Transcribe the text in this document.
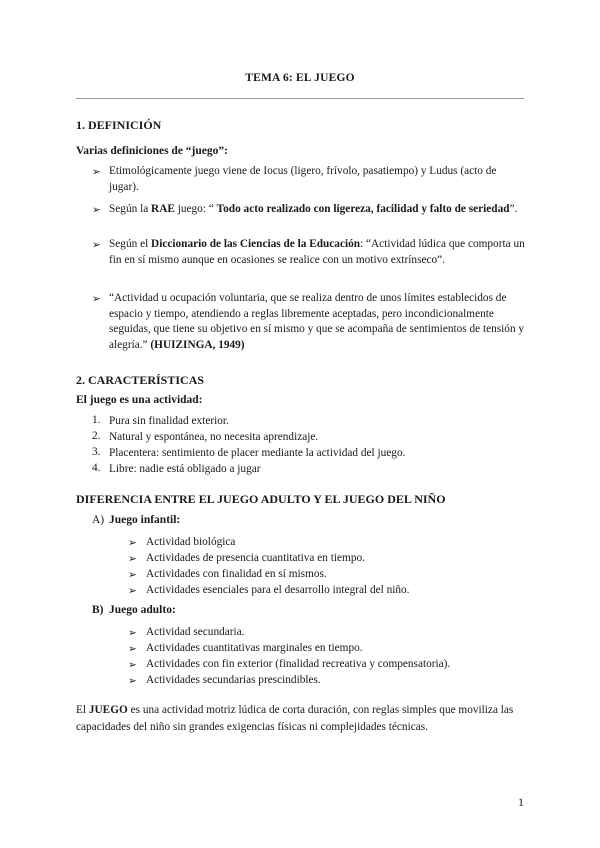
TEMA 6: EL JUEGO
1. DEFINICIÓN
Varias definiciones de “juego”:
➢ Etimológicamente juego viene de Iocus (ligero, frívolo, pasatiempo) y Ludus (acto de jugar).
➢ Según la RAE juego: “ Todo acto realizado con ligereza, facilidad y falto de seriedad”.
➢ Según el Diccionario de las Ciencias de la Educación: “Actividad lúdica que comporta un fin en sí mismo aunque en ocasiones se realice con un motivo extrínseco”.
➢ “Actividad u ocupación voluntaria, que se realiza dentro de unos límites establecidos de espacio y tiempo, atendiendo a reglas libremente aceptadas, pero incondicionalmente seguidas, que tiene su objetivo en sí mismo y que se acompaña de sentimientos de tensión y alegría.” (HUIZINGA, 1949)
2. CARACTERÍSTICAS
El juego es una actividad:
1. Pura sin finalidad exterior.
2. Natural y espontánea, no necesita aprendizaje.
3. Placentera: sentimiento de placer mediante la actividad del juego.
4. Libre: nadie está obligado a jugar
DIFERENCIA ENTRE EL JUEGO ADULTO Y EL JUEGO DEL NIÑO
A) Juego infantil:
➢ Actividad biológica
➢ Actividades de presencia cuantitativa en tiempo.
➢ Actividades con finalidad en sí mismos.
➢ Actividades esenciales para el desarrollo integral del niño.
B) Juego adulto:
➢ Actividad secundaria.
➢ Actividades cuantitativas marginales en tiempo.
➢ Actividades con fin exterior (finalidad recreativa y compensatoria).
➢ Actividades secundarias prescindibles.
El JUEGO es una actividad motriz lúdica de corta duración, con reglas simples que moviliza las capacidades del niño sin grandes exigencias físicas ni complejidades técnicas.
1
